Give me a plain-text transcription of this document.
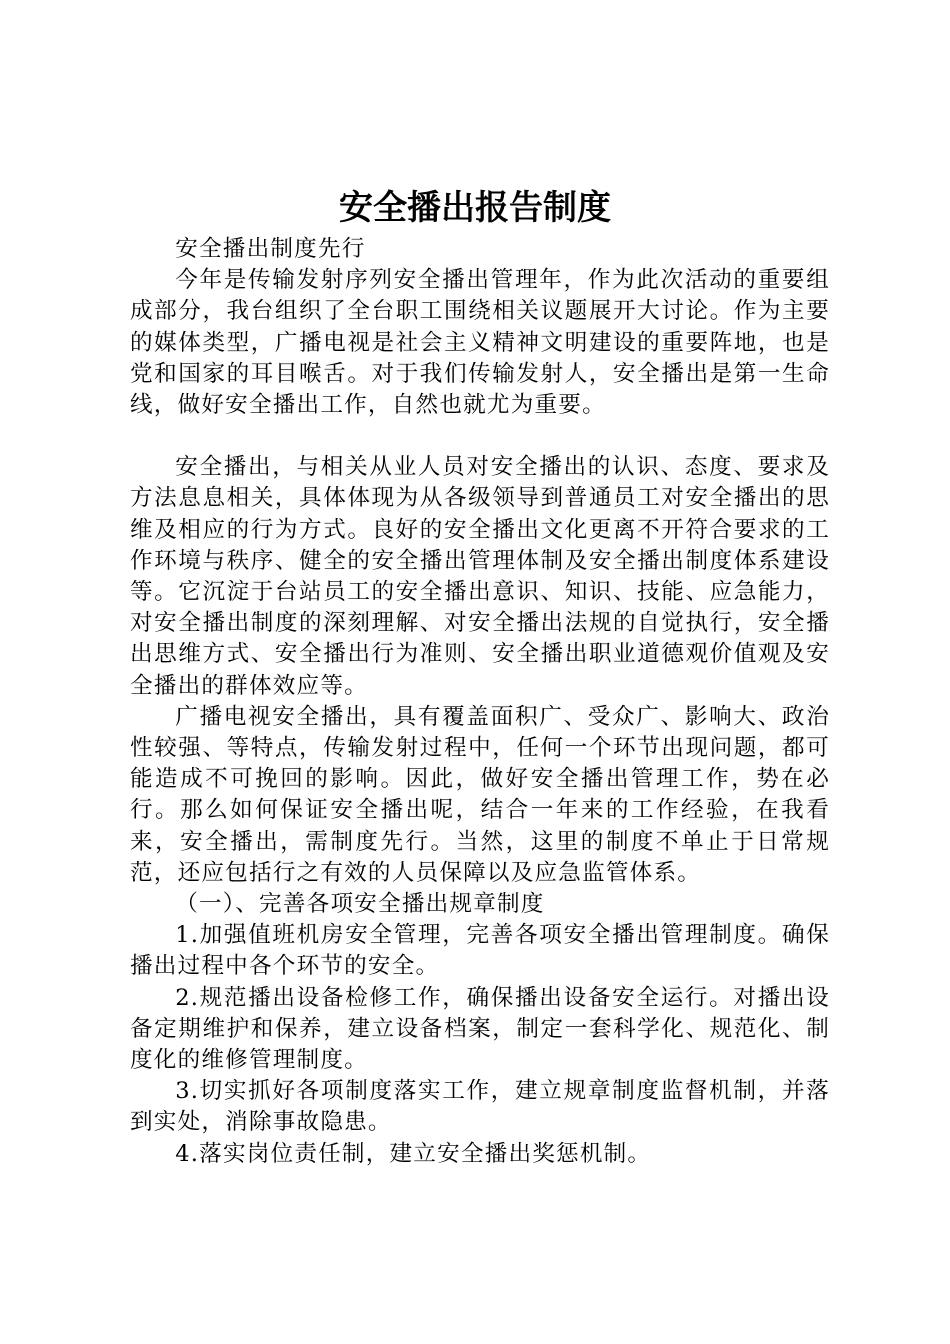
安全播出报告制度

安全播出制度先行

今年是传输发射序列安全播出管理年，作为此次活动的重要组成部分，我台组织了全台职工围绕相关议题展开大讨论。作为主要的媒体类型，广播电视是社会主义精神文明建设的重要阵地，也是党和国家的耳目喉舌。对于我们传输发射人，安全播出是第一生命线，做好安全播出工作，自然也就尤为重要。

安全播出，与相关从业人员对安全播出的认识、态度、要求及方法息息相关，具体体现为从各级领导到普通员工对安全播出的思维及相应的行为方式。良好的安全播出文化更离不开符合要求的工作环境与秩序、健全的安全播出管理体制及安全播出制度体系建设等。它沉淀于台站员工的安全播出意识、知识、技能、应急能力，对安全播出制度的深刻理解、对安全播出法规的自觉执行，安全播出思维方式、安全播出行为准则、安全播出职业道德观价值观及安全播出的群体效应等。

广播电视安全播出，具有覆盖面积广、受众广、影响大、政治性较强、等特点，传输发射过程中，任何一个环节出现问题，都可能造成不可挽回的影响。因此，做好安全播出管理工作，势在必行。那么如何保证安全播出呢，结合一年来的工作经验，在我看来，安全播出，需制度先行。当然，这里的制度不单止于日常规范，还应包括行之有效的人员保障以及应急监管体系。

（一）、完善各项安全播出规章制度

1.加强值班机房安全管理，完善各项安全播出管理制度。确保播出过程中各个环节的安全。

2.规范播出设备检修工作，确保播出设备安全运行。对播出设备定期维护和保养，建立设备档案，制定一套科学化、规范化、制度化的维修管理制度。

3.切实抓好各项制度落实工作，建立规章制度监督机制，并落到实处，消除事故隐患。

4.落实岗位责任制，建立安全播出奖惩机制。
